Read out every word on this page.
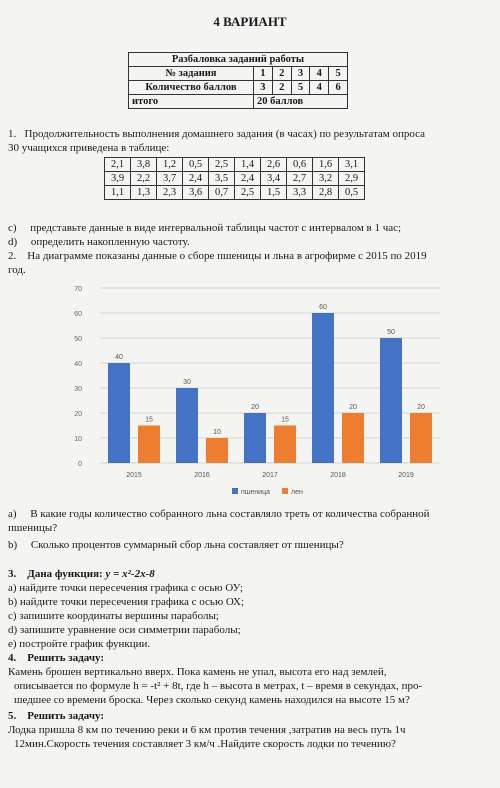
4 ВАРИАНТ
Разбаловка заданий работы					
№ задания	1	2	3	4	5
Количество баллов	3	2	5	4	6
итого	20 баллов				
1. Продолжительность выполнения домашнего задания (в часах) по результатам опроса
30 учащихся приведена в таблице:
2,1	3,8	1,2	0,5	2,5	1,4	2,6	0,6	1,6	3,1
3,9	2,2	3,7	2,4	3,5	2,4	3,4	2,7	3,2	2,9
1,1	1,3	2,3	3,6	0,7	2,5	1,5	3,3	2,8	0,5
c) представьте данные в виде интервальной таблицы частот с интервалом в 1 час;
d) определить накопленную частоту.
2. На диаграмме показаны данные о сборе пшеницы и льна в агрофирме с 2015 по 2019
год.
0
10
20
30
40
50
60
70
40
15
2015
30
10
2016
20
15
2017
60
20
2018
50
20
2019
пшеница	лен
a) В какие годы количество собранного льна составляло треть от количества собранной
пшеницы?
b) Сколько процентов суммарный сбор льна составляет от пшеницы?
3. Дана функция: y = x²-2x-8
a) найдите точки пересечения графика с осью ОУ;
b) найдите точки пересечения графика с осью ОХ;
c) запишите координаты вершины параболы;
d) запишите уравнение оси симметрии параболы;
e) постройте график функции.
4. Решить задачу:
Камень брошен вертикально вверх. Пока камень не упал, высота его над землей,
описывается по формуле h = -t² + 8t, где h – высота в метрах, t – время в секундах, про-
шедшее со времени броска. Через сколько секунд камень находился на высоте 15 м?
5. Решить задачу:
Лодка пришла 8 км по течению реки и 6 км против течения ,затратив на весь путь 1ч
12мин.Скорость течения составляет 3 км/ч .Найдите скорость лодки по течению?
